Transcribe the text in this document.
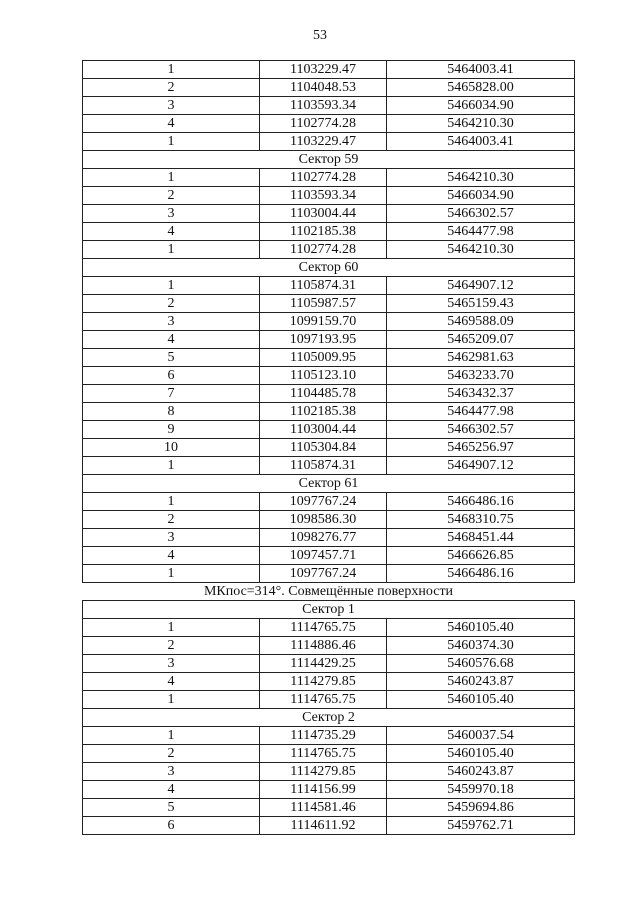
53
1	1103229.47	5464003.41
2	1104048.53	5465828.00
3	1103593.34	5466034.90
4	1102774.28	5464210.30
1	1103229.47	5464003.41
Сектор 59		
1	1102774.28	5464210.30
2	1103593.34	5466034.90
3	1103004.44	5466302.57
4	1102185.38	5464477.98
1	1102774.28	5464210.30
Сектор 60		
1	1105874.31	5464907.12
2	1105987.57	5465159.43
3	1099159.70	5469588.09
4	1097193.95	5465209.07
5	1105009.95	5462981.63
6	1105123.10	5463233.70
7	1104485.78	5463432.37
8	1102185.38	5464477.98
9	1103004.44	5466302.57
10	1105304.84	5465256.97
1	1105874.31	5464907.12
Сектор 61		
1	1097767.24	5466486.16
2	1098586.30	5468310.75
3	1098276.77	5468451.44
4	1097457.71	5466626.85
1	1097767.24	5466486.16
МКпос=314°. Совмещённые поверхности		
Сектор 1		
1	1114765.75	5460105.40
2	1114886.46	5460374.30
3	1114429.25	5460576.68
4	1114279.85	5460243.87
1	1114765.75	5460105.40
Сектор 2		
1	1114735.29	5460037.54
2	1114765.75	5460105.40
3	1114279.85	5460243.87
4	1114156.99	5459970.18
5	1114581.46	5459694.86
6	1114611.92	5459762.71
